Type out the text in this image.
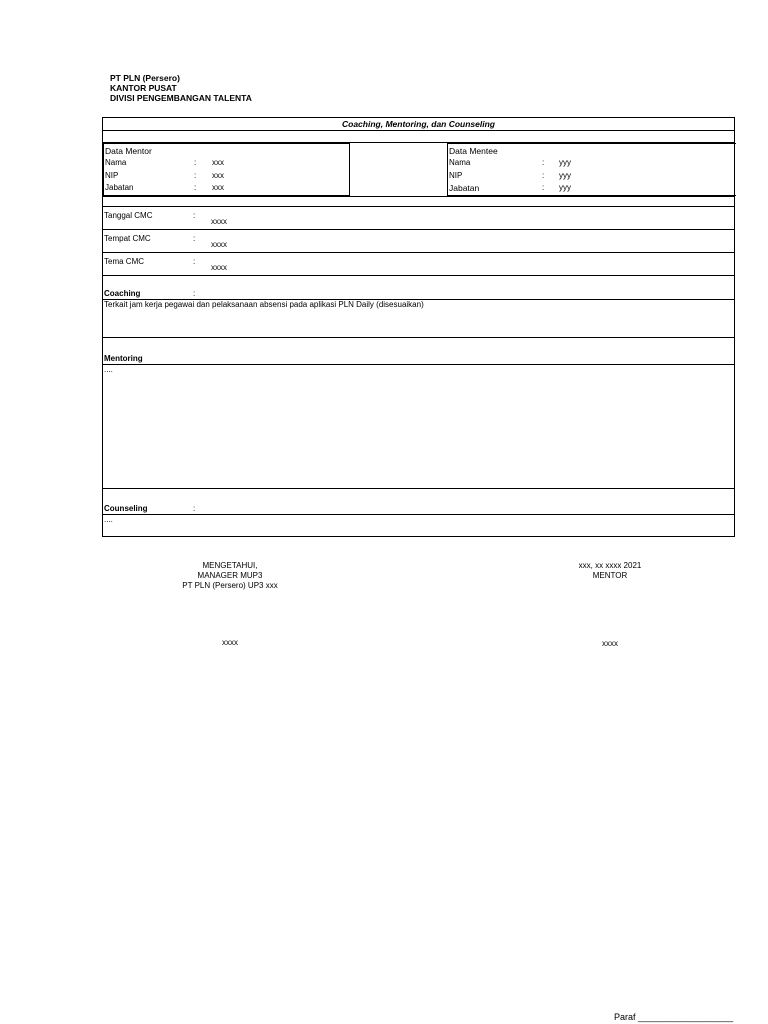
PT PLN (Persero)
KANTOR PUSAT
DIVISI PENGEMBANGAN TALENTA
Coaching, Mentoring, dan Counseling
Data Mentor
Nama	: xxx
NIP	: xxx
Jabatan	: xxx
Data Mentee
Nama	: yyy
NIP	: yyy
Jabatan	: yyy
Tanggal CMC	:
xxxx
Tempat CMC	:
xxxx
Tema CMC	:
xxxx
Coaching	:
Terkait jam kerja pegawai dan pelaksanaan absensi pada aplikasi PLN Daily (disesuaikan)
Mentoring
....
Counseling	:
....
MENGETAHUI,
MANAGER MUP3
PT PLN (Persero) UP3 xxx
xxxx
xxx, xx xxxx 2021
MENTOR
xxxx
Paraf ___________________
